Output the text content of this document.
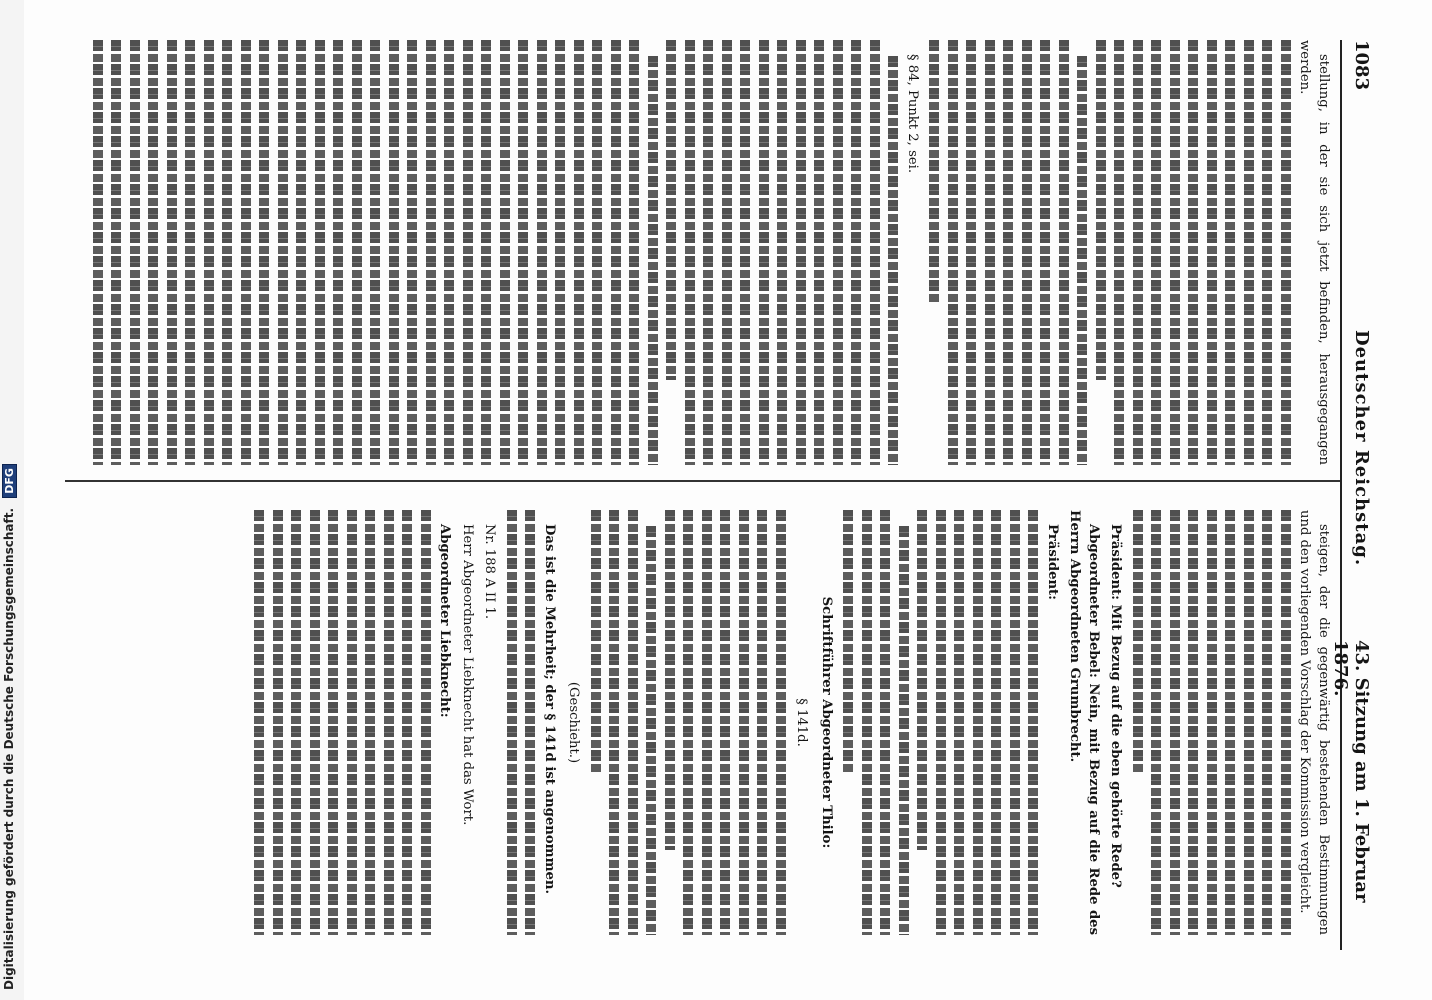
1083
Deutscher Reichstag.
43. Sitzung am 1. Februar 1876.

stellung, in der sie sich jetzt befinden, herausgegangen werden.

§ 84, Punkt 2, sei.

steigen, der die gegenwärtig bestehenden Bestimmungen und den vorliegenden Vorschlag der Kommission vergleicht.

Präsident: Mit Bezug auf die eben gehörte Rede?

Abgeordneter Bebel: Nein, mit Bezug auf die Rede des Herrn Abgeordneten Grumbrecht.

Präsident:

Schriftführer Abgeordneter Thilo:

§ 141d.

(Geschieht.)

Das ist die Mehrheit; der § 141d ist angenommen.

Nr. 188 A II 1.

Herr Abgeordneter Liebknecht hat das Wort.

Abgeordneter Liebknecht:

Digitalisierung gefördert durch die Deutsche Forschungsgemeinschaft. DFG
